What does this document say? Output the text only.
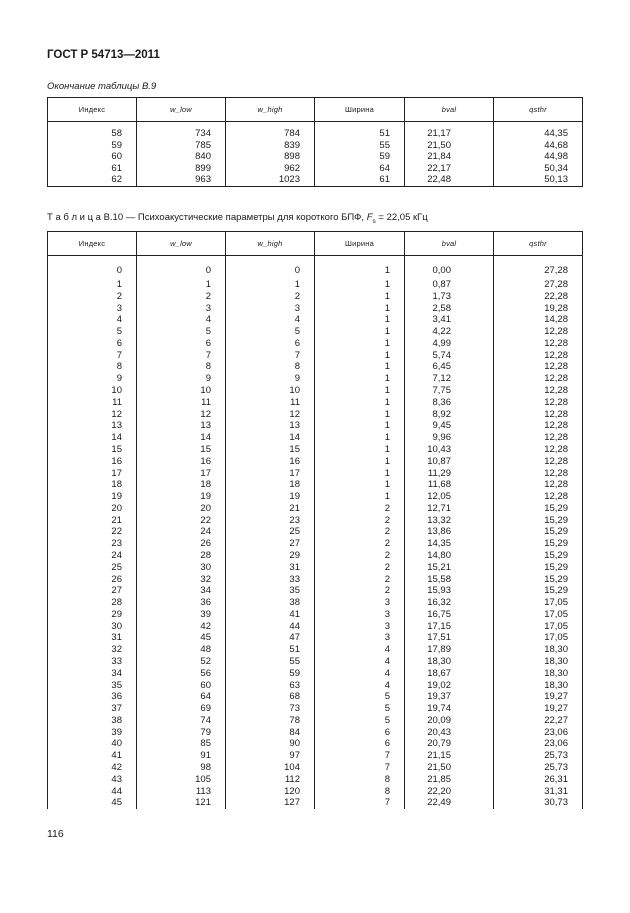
ГОСТ Р 54713—2011
Окончание таблицы В.9
Индекс	w_low	w_high	Ширина	bval	qsthr
58	734	784	51	21,17	44,35
59	785	839	55	21,50	44,68
60	840	898	59	21,84	44,98
61	899	962	64	22,17	50,34
62	963	1023	61	22,48	50,13
Т а б л и ц а В.10 — Психоакустические параметры для короткого БПФ, $F_s = 22,05$ кГц
Индекс	w_low	w_high	Ширина	bval	qsthr
0	0	0	1	0,00	27,28
1	1	1	1	0,87	27,28
2	2	2	1	1,73	22,28
3	3	3	1	2,58	19,28
4	4	4	1	3,41	14,28
5	5	5	1	4,22	12,28
6	6	6	1	4,99	12,28
7	7	7	1	5,74	12,28
8	8	8	1	6,45	12,28
9	9	9	1	7,12	12,28
10	10	10	1	7,75	12,28
11	11	11	1	8,36	12,28
12	12	12	1	8,92	12,28
13	13	13	1	9,45	12,28
14	14	14	1	9,96	12,28
15	15	15	1	10,43	12,28
16	16	16	1	10,87	12,28
17	17	17	1	11,29	12,28
18	18	18	1	11,68	12,28
19	19	19	1	12,05	12,28
20	20	21	2	12,71	15,29
21	22	23	2	13,32	15,29
22	24	25	2	13,86	15,29
23	26	27	2	14,35	15,29
24	28	29	2	14,80	15,29
25	30	31	2	15,21	15,29
26	32	33	2	15,58	15,29
27	34	35	2	15,93	15,29
28	36	38	3	16,32	17,05
29	39	41	3	16,75	17,05
30	42	44	3	17,15	17,05
31	45	47	3	17,51	17,05
32	48	51	4	17,89	18,30
33	52	55	4	18,30	18,30
34	56	59	4	18,67	18,30
35	60	63	4	19,02	18,30
36	64	68	5	19,37	19,27
37	69	73	5	19,74	19,27
38	74	78	5	20,09	22,27
39	79	84	6	20,43	23,06
40	85	90	6	20,79	23,06
41	91	97	7	21,15	25,73
42	98	104	7	21,50	25,73
43	105	112	8	21,85	26,31
44	113	120	8	22,20	31,31
45	121	127	7	22,49	30,73
116
